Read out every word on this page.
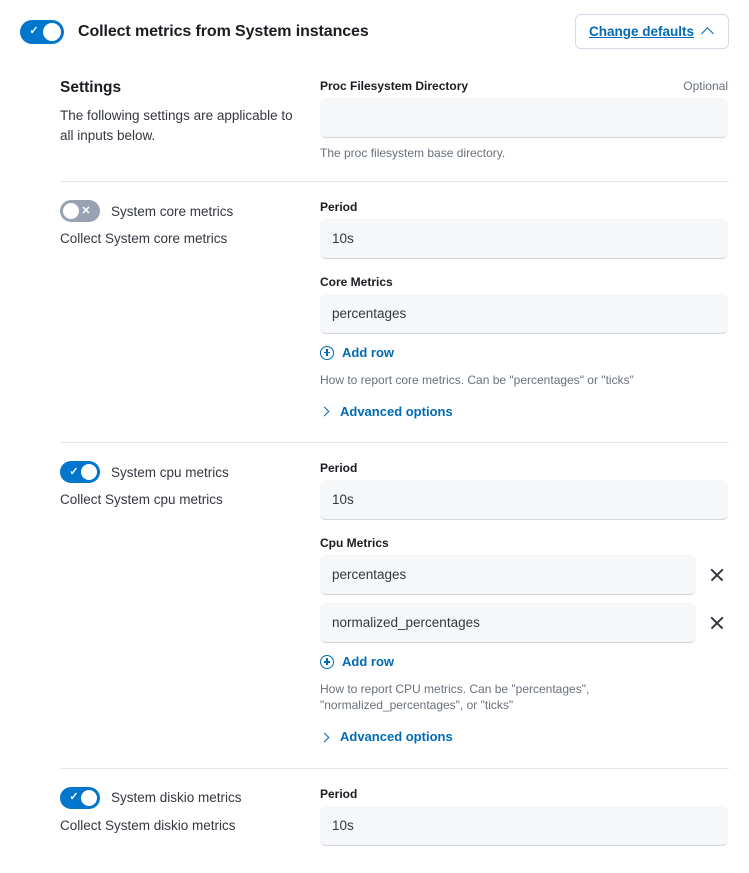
✓	Collect metrics from System instances	Change defaults
Settings

The following settings are applicable to all inputs below.

Proc Filesystem Directory	Optional
The proc filesystem base directory.
✕	System core metrics
Collect System core metrics
Period
10s
Core Metrics
percentages
Add row
How to report core metrics. Can be "percentages" or "ticks"
Advanced options
✓	System cpu metrics
Collect System cpu metrics
Period
10s
Cpu Metrics
percentages
normalized_percentages
Add row
How to report CPU metrics. Can be "percentages", "normalized_percentages", or "ticks"
Advanced options
✓	System diskio metrics
Collect System diskio metrics
Period
10s
